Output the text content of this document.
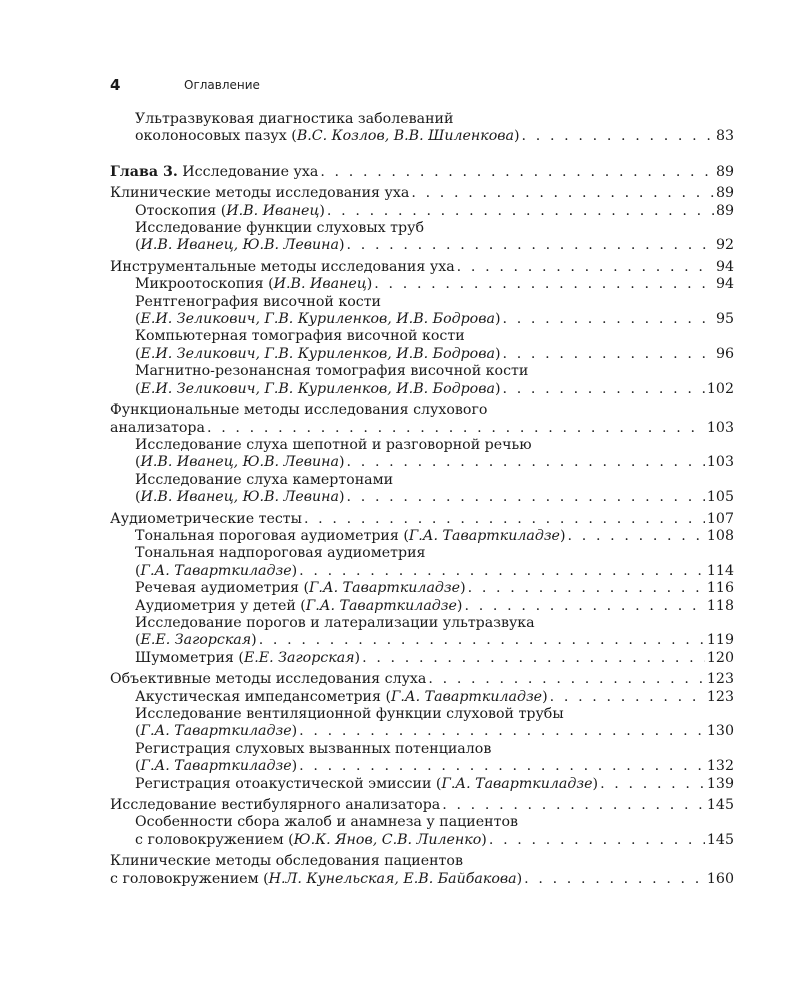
4	Оглавление
Ультразвуковая диагностика заболеваний
околоносовых пазух (В.С. Козлов, В.В. Шиленкова) . . .	83
Глава 3. Исследование уха . . .	89
Клинические методы исследования уха . . .	89
Отоскопия (И.В. Иванец) . . .	89
Исследование функции слуховых труб
(И.В. Иванец, Ю.В. Левина) . . .	92
Инструментальные методы исследования уха . . .	94
Микроотоскопия (И.В. Иванец) . . .	94
Рентгенография височной кости
(Е.И. Зеликович, Г.В. Куриленков, И.В. Бодрова) . . .	95
Компьютерная томография височной кости
(Е.И. Зеликович, Г.В. Куриленков, И.В. Бодрова) . . .	96
Магнитно-резонансная томография височной кости
(Е.И. Зеликович, Г.В. Куриленков, И.В. Бодрова) . . .	102
Функциональные методы исследования слухового
анализатора . . .	103
Исследование слуха шепотной и разговорной речью
(И.В. Иванец, Ю.В. Левина) . . .	103
Исследование слуха камертонами
(И.В. Иванец, Ю.В. Левина) . . .	105
Аудиометрические тесты . . .	107
Тональная пороговая аудиометрия (Г.А. Таварткиладзе) . . .	108
Тональная надпороговая аудиометрия
(Г.А. Таварткиладзе) . . .	114
Речевая аудиометрия (Г.А. Таварткиладзе) . . .	116
Аудиометрия у детей (Г.А. Таварткиладзе) . . .	118
Исследование порогов и латерализации ультразвука
(Е.Е. Загорская) . . .	119
Шумометрия (Е.Е. Загорская) . . .	120
Объективные методы исследования слуха . . .	123
Акустическая импедансометрия (Г.А. Таварткиладзе) . . .	123
Исследование вентиляционной функции слуховой трубы
(Г.А. Таварткиладзе) . . .	130
Регистрация слуховых вызванных потенциалов
(Г.А. Таварткиладзе) . . .	132
Регистрация отоакустической эмиссии (Г.А. Таварткиладзе) . . .	139
Исследование вестибулярного анализатора . . .	145
Особенности сбора жалоб и анамнеза у пациентов
с головокружением (Ю.К. Янов, С.В. Лиленко) . . .	145
Клинические методы обследования пациентов
с головокружением (Н.Л. Кунельская, Е.В. Байбакова) . . .	160
